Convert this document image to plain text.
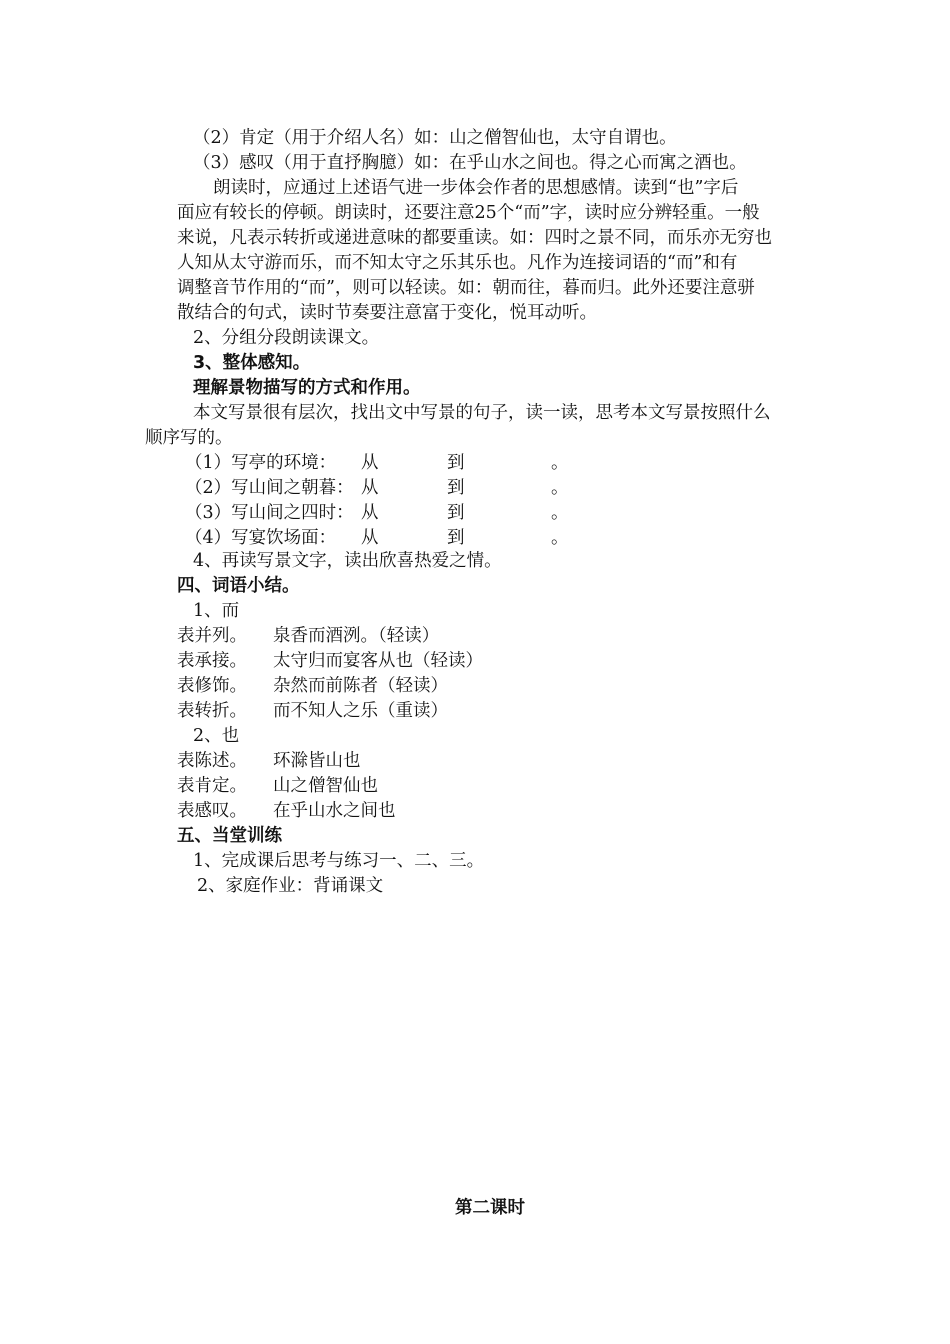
（2）肯定（用于介绍人名）如：山之僧智仙也，太守自谓也。
（3）感叹（用于直抒胸臆）如：在乎山水之间也。得之心而寓之酒也。
朗读时，应通过上述语气进一步体会作者的思想感情。读到“也”字后
面应有较长的停顿。朗读时，还要注意25个“而”字，读时应分辨轻重。一般
来说，凡表示转折或递进意味的都要重读。如：四时之景不同，而乐亦无穷也
人知从太守游而乐，而不知太守之乐其乐也。凡作为连接词语的“而”和有
调整音节作用的“而”，则可以轻读。如：朝而往，暮而归。此外还要注意骈
散结合的句式，读时节奏要注意富于变化，悦耳动听。
2、分组分段朗读课文。
3、整体感知。
理解景物描写的方式和作用。
本文写景很有层次，找出文中写景的句子，读一读，思考本文写景按照什么
顺序写的。
（1）写亭的环境： 从	到	。
（2）写山间之朝暮： 从	到	。
（3）写山间之四时： 从	到	。
（4）写宴饮场面： 从	到	。
4、再读写景文字，读出欣喜热爱之情。
四、词语小结。
1、而
表并列。 泉香而酒洌。（轻读）
表承接。 太守归而宴客从也（轻读）
表修饰。 杂然而前陈者（轻读）
表转折。 而不知人之乐（重读）
2、也
表陈述。 环滁皆山也
表肯定。 山之僧智仙也
表感叹。 在乎山水之间也
五、当堂训练
1、完成课后思考与练习一、二、三。
2、家庭作业：背诵课文
第二课时
